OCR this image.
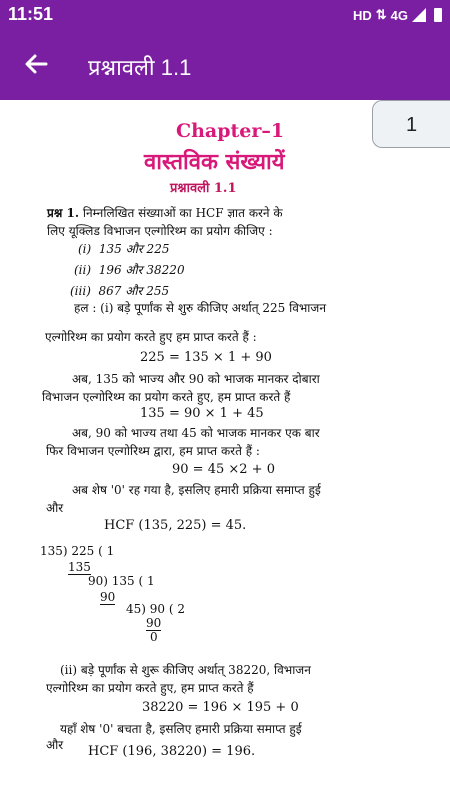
11:51	HD ⇅ 4G
प्रश्नावली 1.1
Chapter–1
वास्तविक संख्यायें
प्रश्नावली 1.1
प्रश्न 1. निम्नलिखित संख्याओं का HCF ज्ञात करने के
लिए यूक्लिड विभाजन एल्गोरिथ्म का प्रयोग कीजिए :
(i) 135 और 225
(ii) 196 और 38220
(iii) 867 और 255
हल : (i) बड़े पूर्णांक से शुरु कीजिए अर्थात् 225 विभाजन
एल्गोरिथ्म का प्रयोग करते हुए हम प्राप्त करते हैं :
225 = 135 × 1 + 90
अब, 135 को भाज्य और 90 को भाजक मानकर दोबारा
विभाजन एल्गोरिथ्म का प्रयोग करते हुए, हम प्राप्त करते हैं
135 = 90 × 1 + 45
अब, 90 को भाज्य तथा 45 को भाजक मानकर एक बार
फिर विभाजन एल्गोरिथ्म द्वारा, हम प्राप्त करते हैं :
90 = 45 ×2 + 0
अब शेष '0' रह गया है, इसलिए हमारी प्रक्रिया समाप्त हुई
और
HCF (135, 225) = 45.
135) 225 ( 1
135
90) 135 ( 1
90
45) 90 ( 2
90
0
(ii) बड़े पूर्णांक से शुरू कीजिए अर्थात् 38220, विभाजन
एल्गोरिथ्म का प्रयोग करते हुए, हम प्राप्त करते हैं
38220 = 196 × 195 + 0
यहाँ शेष '0' बचता है, इसलिए हमारी प्रक्रिया समाप्त हुई
और HCF (196, 38220) = 196.
1
